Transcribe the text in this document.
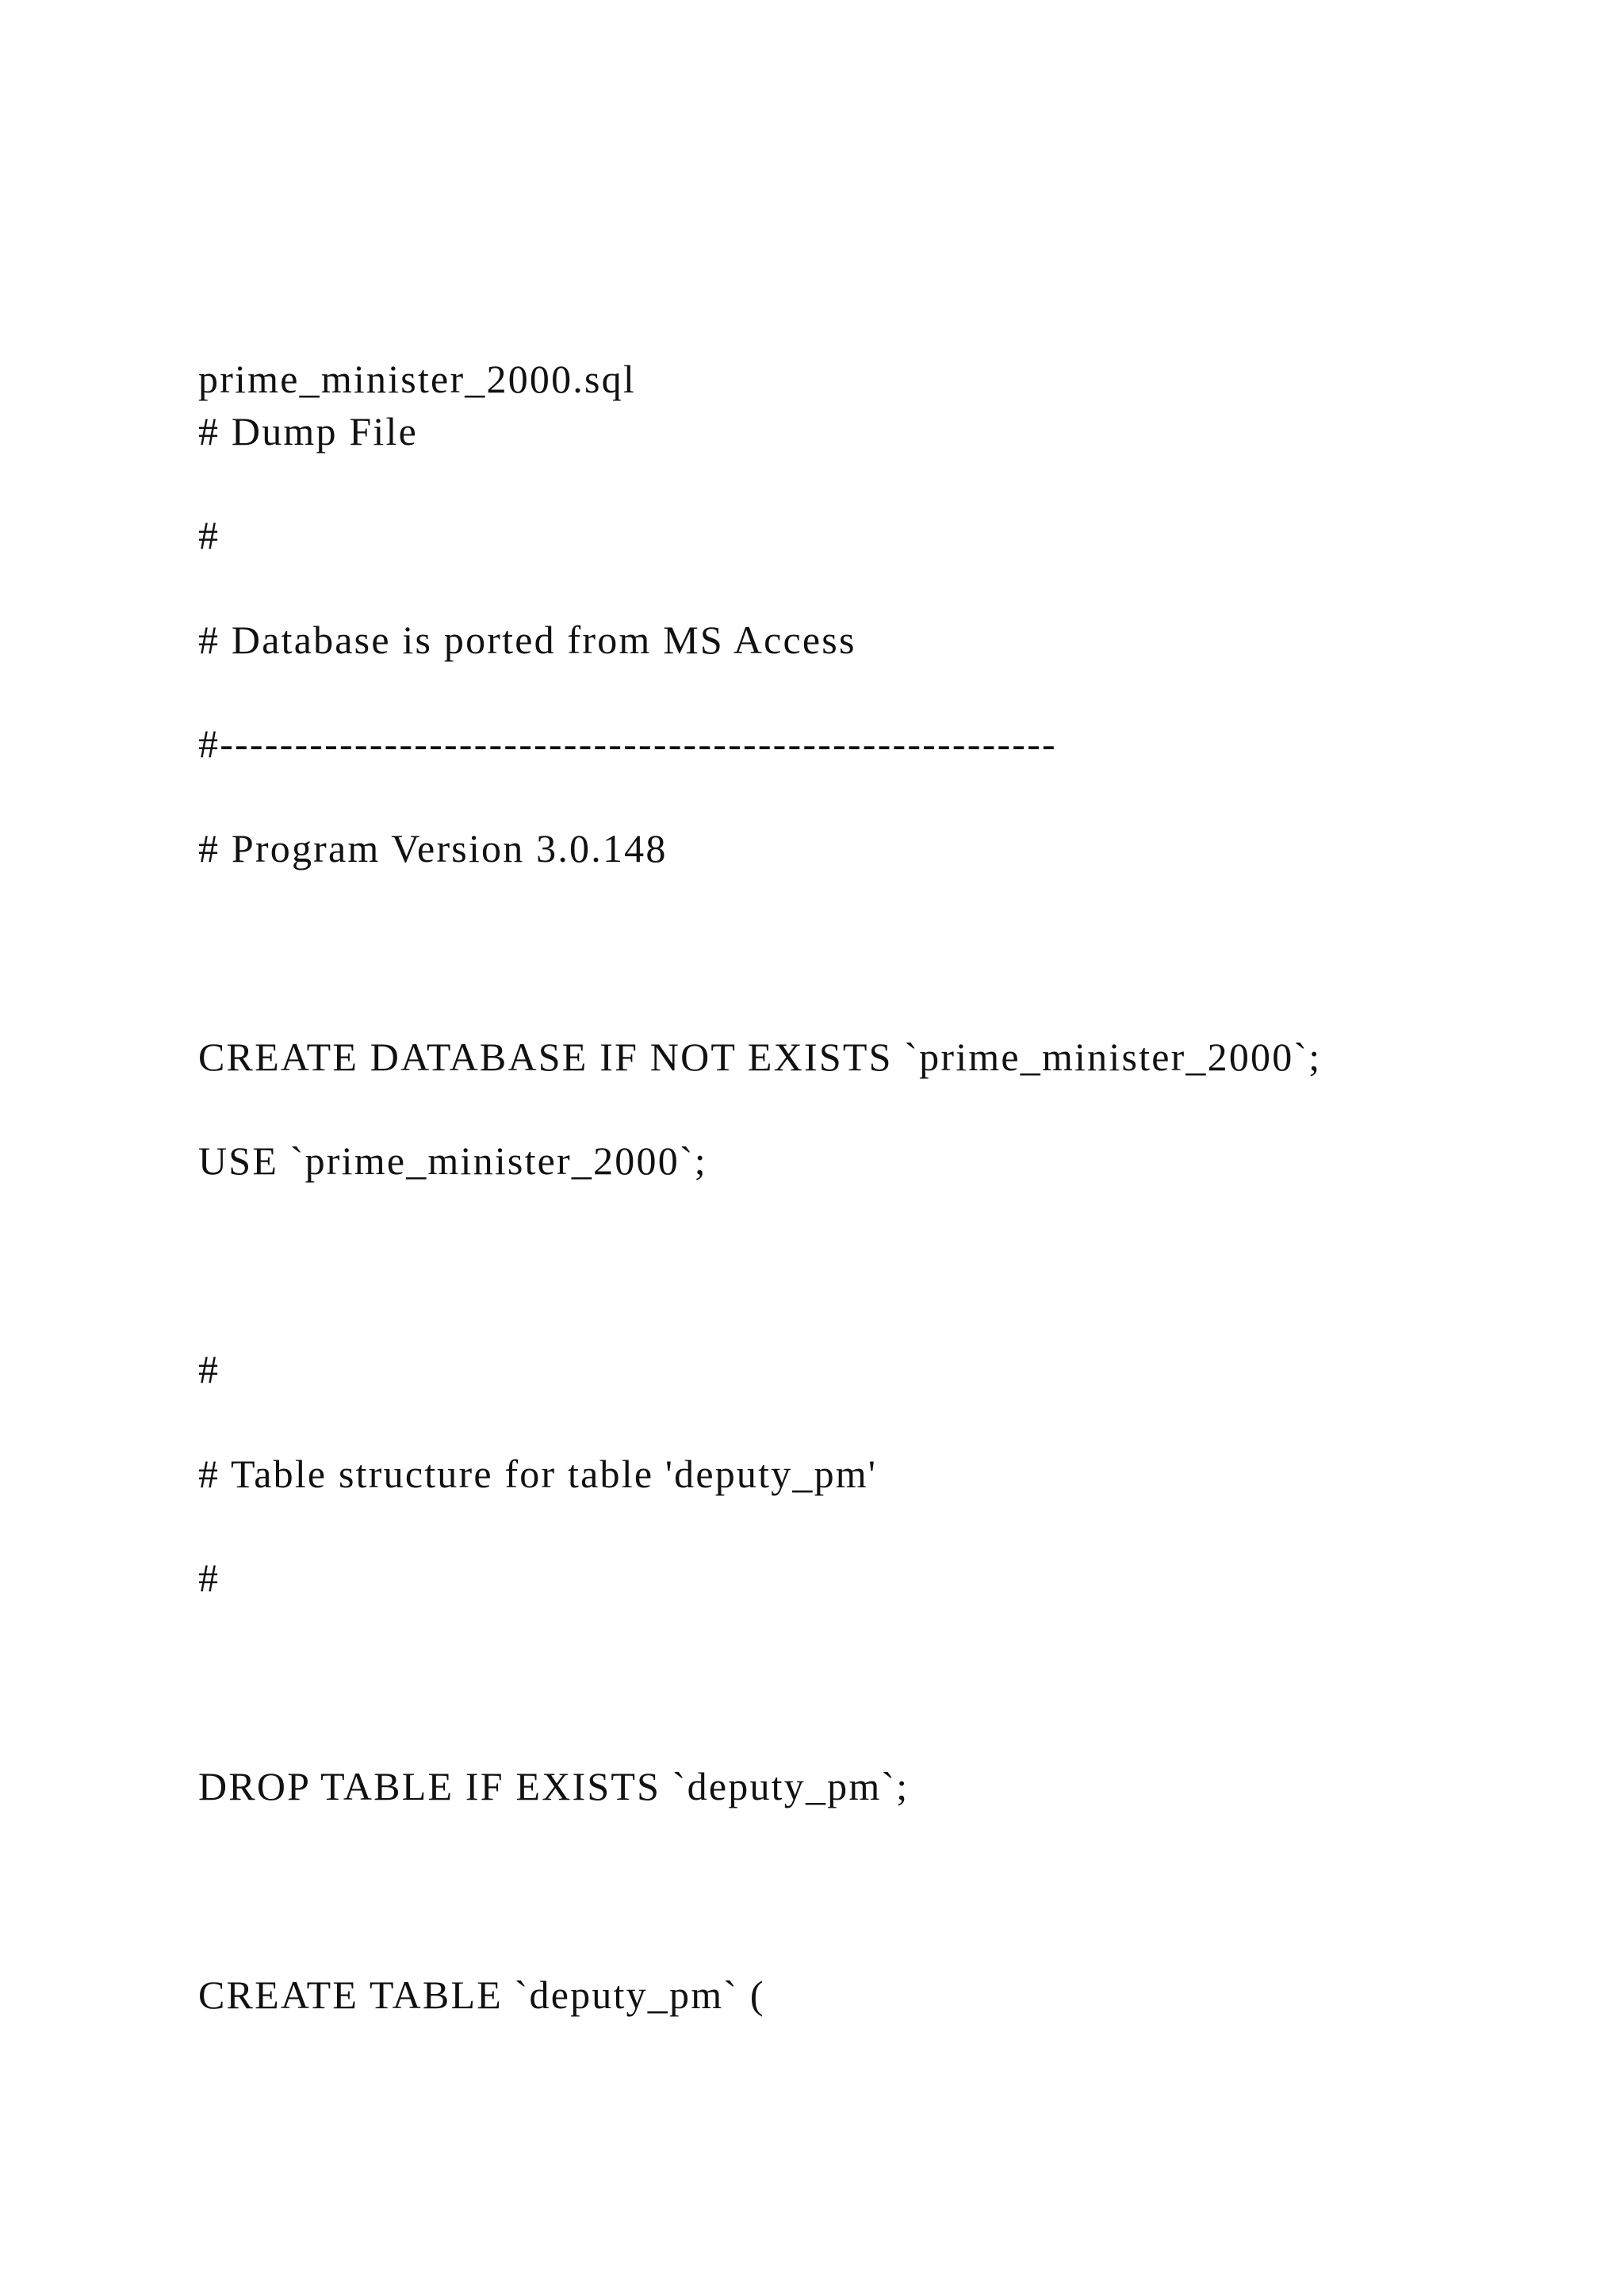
prime_minister_2000.sql

# Dump File

#

# Database is ported from MS Access

#--------------------------------------------------------

# Program Version 3.0.148

CREATE DATABASE IF NOT EXISTS `prime_minister_2000`;

USE `prime_minister_2000`;

#

# Table structure for table 'deputy_pm'

#

DROP TABLE IF EXISTS `deputy_pm`;

CREATE TABLE `deputy_pm` (
